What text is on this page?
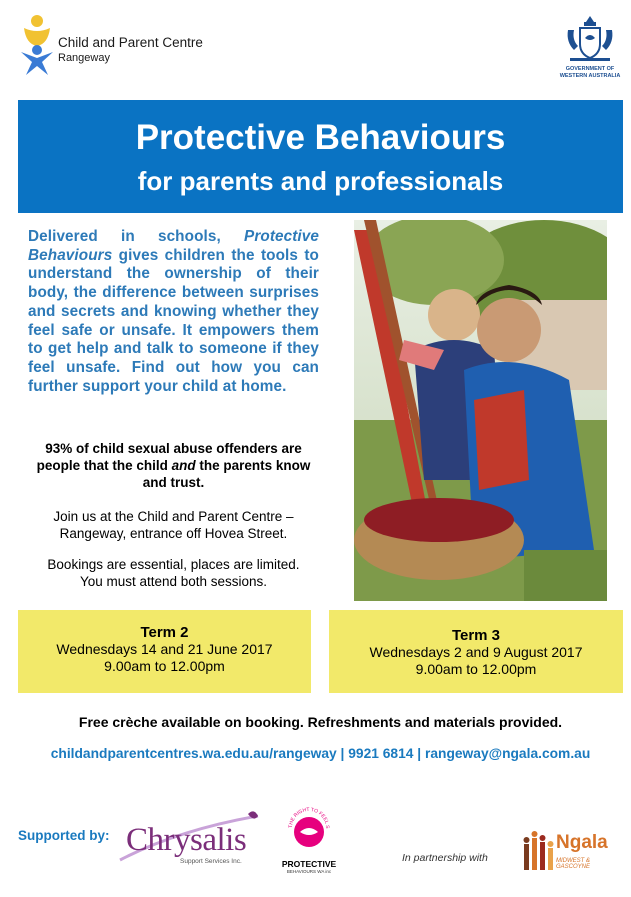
Child and Parent Centre
Rangeway
GOVERNMENT OF
WESTERN AUSTRALIA
Protective Behaviours
for parents and professionals
Delivered in schools, Protective Behaviours gives children the tools to understand the ownership of their body, the difference between surprises and secrets and knowing whether they feel safe or unsafe. It empowers them to get help and talk to someone if they feel unsafe. Find out how you can further support your child at home.
93% of child sexual abuse offenders are people that the child and the parents know and trust.
Join us at the Child and Parent Centre – Rangeway, entrance off Hovea Street.
Bookings are essential, places are limited.
You must attend both sessions.
Term 2
Wednesdays 14 and 21 June 2017
9.00am to 12.00pm
Term 3
Wednesdays 2 and 9 August 2017
9.00am to 12.00pm
Free crèche available on booking. Refreshments and materials provided.
childandparentcentres.wa.edu.au/rangeway | 9921 6814 | rangeway@ngala.com.au
Supported by: Chrysalis
Support Services Inc.
THE RIGHT TO FEEL S
PROTECTIVE
BEHAVIOURS WA inc
In partnership with
Ngala
MIDWEST & GASCOYNE
